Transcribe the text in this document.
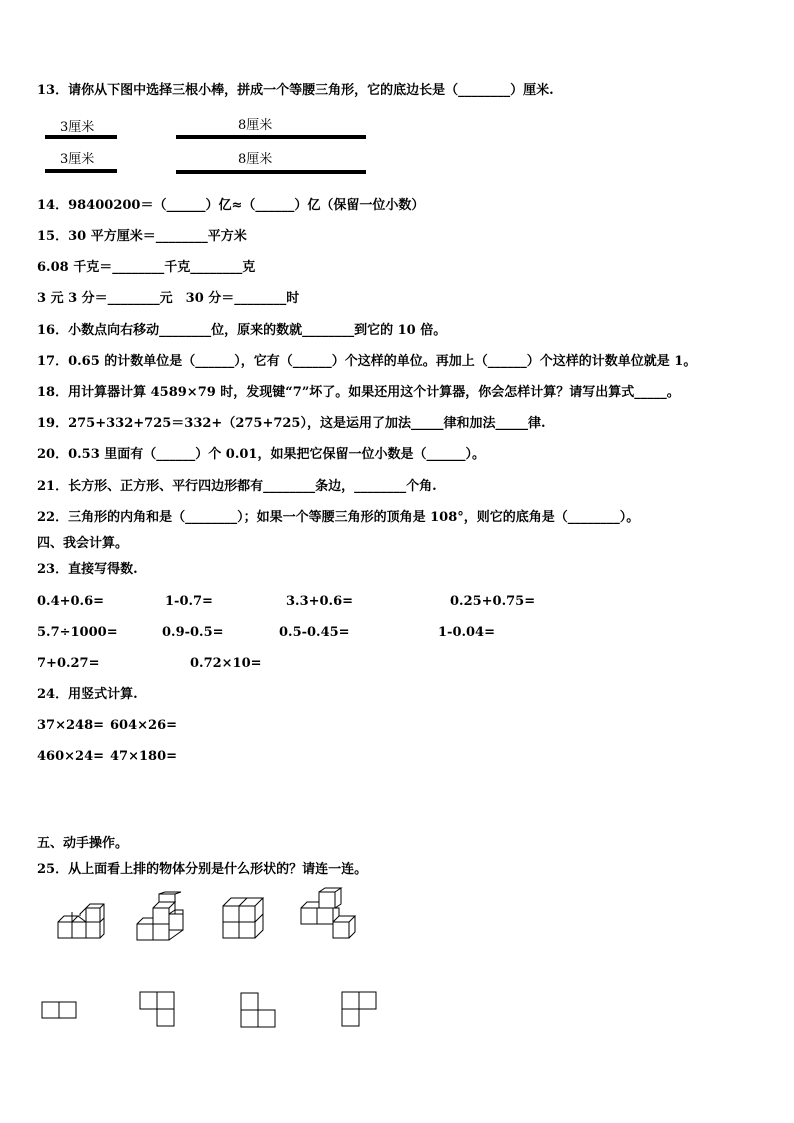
13．请你从下图中选择三根小棒，拼成一个等腰三角形，它的底边长是（________）厘米.
3厘米	8厘米
3厘米	8厘米
14．98400200＝（______）亿≈（______）亿（保留一位小数）
15．30 平方厘米＝________平方米
6.08 千克＝________千克________克
3 元 3 分＝________元　30 分＝________时
16．小数点向右移动________位，原来的数就________到它的 10 倍。
17．0.65 的计数单位是（______），它有（______）个这样的单位。再加上（______）个这样的计数单位就是 1。
18．用计算器计算 4589×79 时，发现键“7”坏了。如果还用这个计算器，你会怎样计算？请写出算式_____。
19．275+332+725＝332+（275+725），这是运用了加法_____律和加法_____律.
20．0.53 里面有（______）个 0.01，如果把它保留一位小数是（______）。
21．长方形、正方形、平行四边形都有________条边，________个角.
22．三角形的内角和是（________）；如果一个等腰三角形的顶角是 108°，则它的底角是（________）。
四、我会计算。
23．直接写得数.
0.4+0.6=	1-0.7=	3.3+0.6=	0.25+0.75=
5.7÷1000=	0.9-0.5=	0.5-0.45=	1-0.04=
7+0.27=	0.72×10=
24．用竖式计算.
37×248= 604×26=
460×24= 47×180=
五、动手操作。
25．从上面看上排的物体分别是什么形状的？请连一连。
